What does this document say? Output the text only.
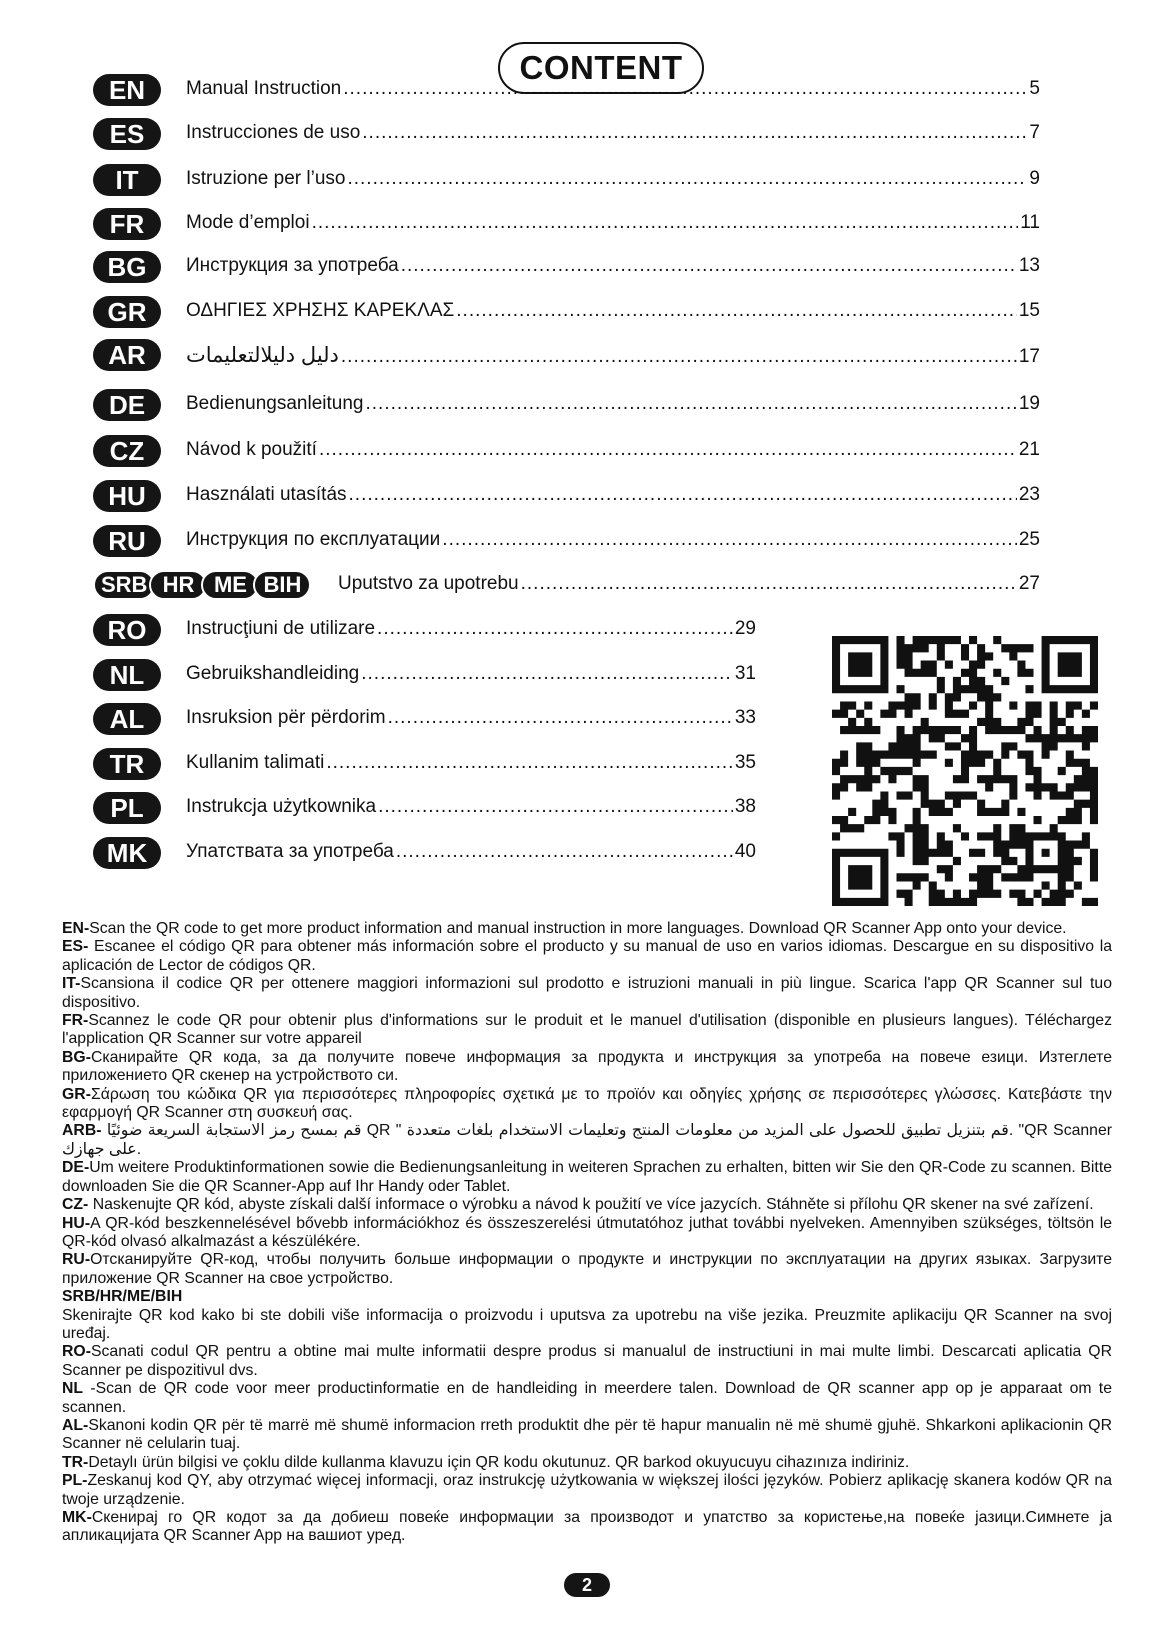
CONTENT
EN	Manual Instruction .....	5
ES	Instrucciones de uso .....	7
IT	Istruzione per l’uso .....	9
FR	Mode d’emploi .....	11
BG	Инструкция за употреба .....	13
GR	ΟΔΗΓΙΕΣ ΧΡΗΣΗΣ ΚΑΡΕΚΛΑΣ .....	15
AR	دليل دليلالتعليمات .....	17
DE	Bedienungsanleitung .....	19
CZ	Návod k použití .....	21
HU	Használati utasítás .....	23
RU	Инструкция по експлуатации .....	25
SRB HR ME BIH	Uputstvo za upotrebu .....	27
RO	Instrucţiuni de utilizare .....	29
NL	Gebruikshandleiding .....	31
AL	Insruksion për përdorim .....	33
TR	Kullanim talimati .....	35
PL	Instrukcja użytkownika .....	38
MK	Упатствата за употреба .....	40

EN-Scan the QR code to get more product information and manual instruction in more languages. Download QR Scanner App onto your device.

ES- Escanee el código QR para obtener más información sobre el producto y su manual de uso en varios idiomas. Descargue en su dispositivo la aplicación de Lector de códigos QR.

IT-Scansiona il codice QR per ottenere maggiori informazioni sul prodotto e istruzioni manuali in più lingue. Scarica l'app QR Scanner sul tuo dispositivo.

FR-Scannez le code QR pour obtenir plus d'informations sur le produit et le manuel d'utilisation (disponible en plusieurs langues). Téléchargez l'application QR Scanner sur votre appareil

BG-Сканирайте QR кода, за да получите повече информация за продукта и инструкция за употреба на повече езици. Изтеглете приложението QR скенер на устройството си.

GR-Σάρωση του κώδικα QR για περισσότερες πληροφορίες σχετικά με το προϊόν και οδηγίες χρήσης σε περισσότερες γλώσσες. Κατεβάστε την εφαρμογή QR Scanner στη συσκευή σας.

ARB- قم بمسح رمز الاستجابة السريعة ضوئيًا QR " قم بتنزيل تطبيق للحصول على المزيد من معلومات المنتج وتعليمات الاستخدام بلغات متعددة. "QR Scanner على جهازك.

DE-Um weitere Produktinformationen sowie die Bedienungsanleitung in weiteren Sprachen zu erhalten, bitten wir Sie den QR-Code zu scannen. Bitte downloaden Sie die QR Scanner-App auf Ihr Handy oder Tablet.

CZ- Naskenujte QR kód, abyste získali další informace o výrobku a návod k použití ve více jazycích. Stáhněte si přílohu QR skener na své zařízení.

HU-A QR-kód beszkennelésével bővebb információkhoz és összeszerelési útmutatóhoz juthat további nyelveken. Amennyiben szükséges, töltsön le QR-kód olvasó alkalmazást a készülékére.

RU-Отсканируйте QR-код, чтобы получить больше информации о продукте и инструкции по эксплуатации на других языках. Загрузите приложение QR Scanner на свое устройство.

SRB/HR/ME/BIH
Skenirajte QR kod kako bi ste dobili više informacija o proizvodu i uputsva za upotrebu na više jezika. Preuzmite aplikaciju QR Scanner na svoj uređaj.

RO-Scanati codul QR pentru a obtine mai multe informatii despre produs si manualul de instructiuni in mai multe limbi. Descarcati aplicatia QR Scanner pe dispozitivul dvs.

NL -Scan de QR code voor meer productinformatie en de handleiding in meerdere talen. Download de QR scanner app op je apparaat om te scannen.

AL-Skanoni kodin QR për të marrë më shumë informacion rreth produktit dhe për të hapur manualin në më shumë gjuhë. Shkarkoni aplikacionin QR Scanner në celularin tuaj.

TR-Detaylı ürün bilgisi ve çoklu dilde kullanma klavuzu için QR kodu okutunuz. QR barkod okuyucuyu cihazınıza indiriniz.

PL-Zeskanuj kod QY, aby otrzymać więcej informacji, oraz instrukcję użytkowania w większej ilości języków. Pobierz aplikację skanera kodów QR na twoje urządzenie.

MK-Скенирај го QR кодот за да добиеш повеќе информации за производот и упатство за користење,на повеќе јазици.Симнете ја апликацијата QR Scanner App на вашиот уред.

2
